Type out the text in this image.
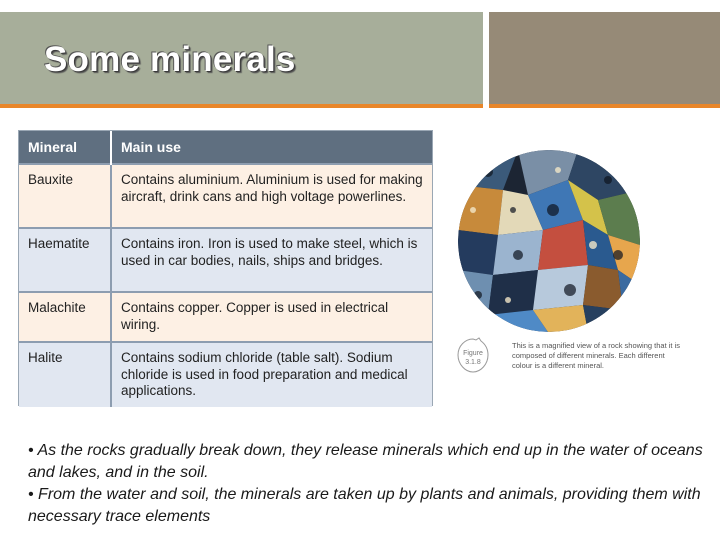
Some minerals
Mineral	Main use
Bauxite	Contains aluminium. Aluminium is used for making aircraft, drink cans and high voltage powerlines.
Haematite	Contains iron. Iron is used to make steel, which is used in car bodies, nails, ships and bridges.
Malachite	Contains copper. Copper is used in electrical wiring.
Halite	Contains sodium chloride (table salt). Sodium chloride is used in food preparation and medical applications.
Figure
3.1.8
This is a magnified view of a rock showing that it is composed of different minerals. Each different colour is a different mineral.
• As the rocks gradually break down, they release minerals which end up in the water of oceans and lakes, and in the soil.
• From the water and soil, the minerals are taken up by plants and animals, providing them with necessary trace elements
